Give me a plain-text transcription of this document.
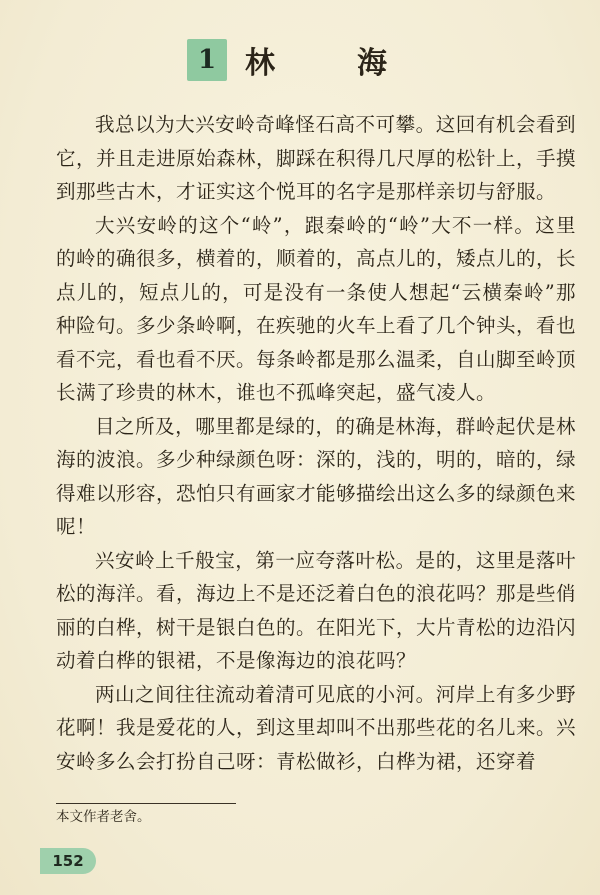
1 林　海

我总以为大兴安岭奇峰怪石高不可攀。这回有机会看到它，并且走进原始森林，脚踩在积得几尺厚的松针上，手摸到那些古木，才证实这个悦耳的名字是那样亲切与舒服。

大兴安岭的这个“岭”，跟秦岭的“岭”大不一样。这里的岭的确很多，横着的，顺着的，高点儿的，矮点儿的，长点儿的，短点儿的，可是没有一条使人想起“云横秦岭”那种险句。多少条岭啊，在疾驰的火车上看了几个钟头，看也看不完，看也看不厌。每条岭都是那么温柔，自山脚至岭顶长满了珍贵的林木，谁也不孤峰突起，盛气凌人。

目之所及，哪里都是绿的，的确是林海，群岭起伏是林海的波浪。多少种绿颜色呀：深的，浅的，明的，暗的，绿得难以形容，恐怕只有画家才能够描绘出这么多的绿颜色来呢！

兴安岭上千般宝，第一应夸落叶松。是的，这里是落叶松的海洋。看，海边上不是还泛着白色的浪花吗？那是些俏丽的白桦，树干是银白色的。在阳光下，大片青松的边沿闪动着白桦的银裙，不是像海边的浪花吗？

两山之间往往流动着清可见底的小河。河岸上有多少野花啊！我是爱花的人，到这里却叫不出那些花的名儿来。兴安岭多么会打扮自己呀：青松做衫，白桦为裙，还穿着

本文作者老舍。
152
